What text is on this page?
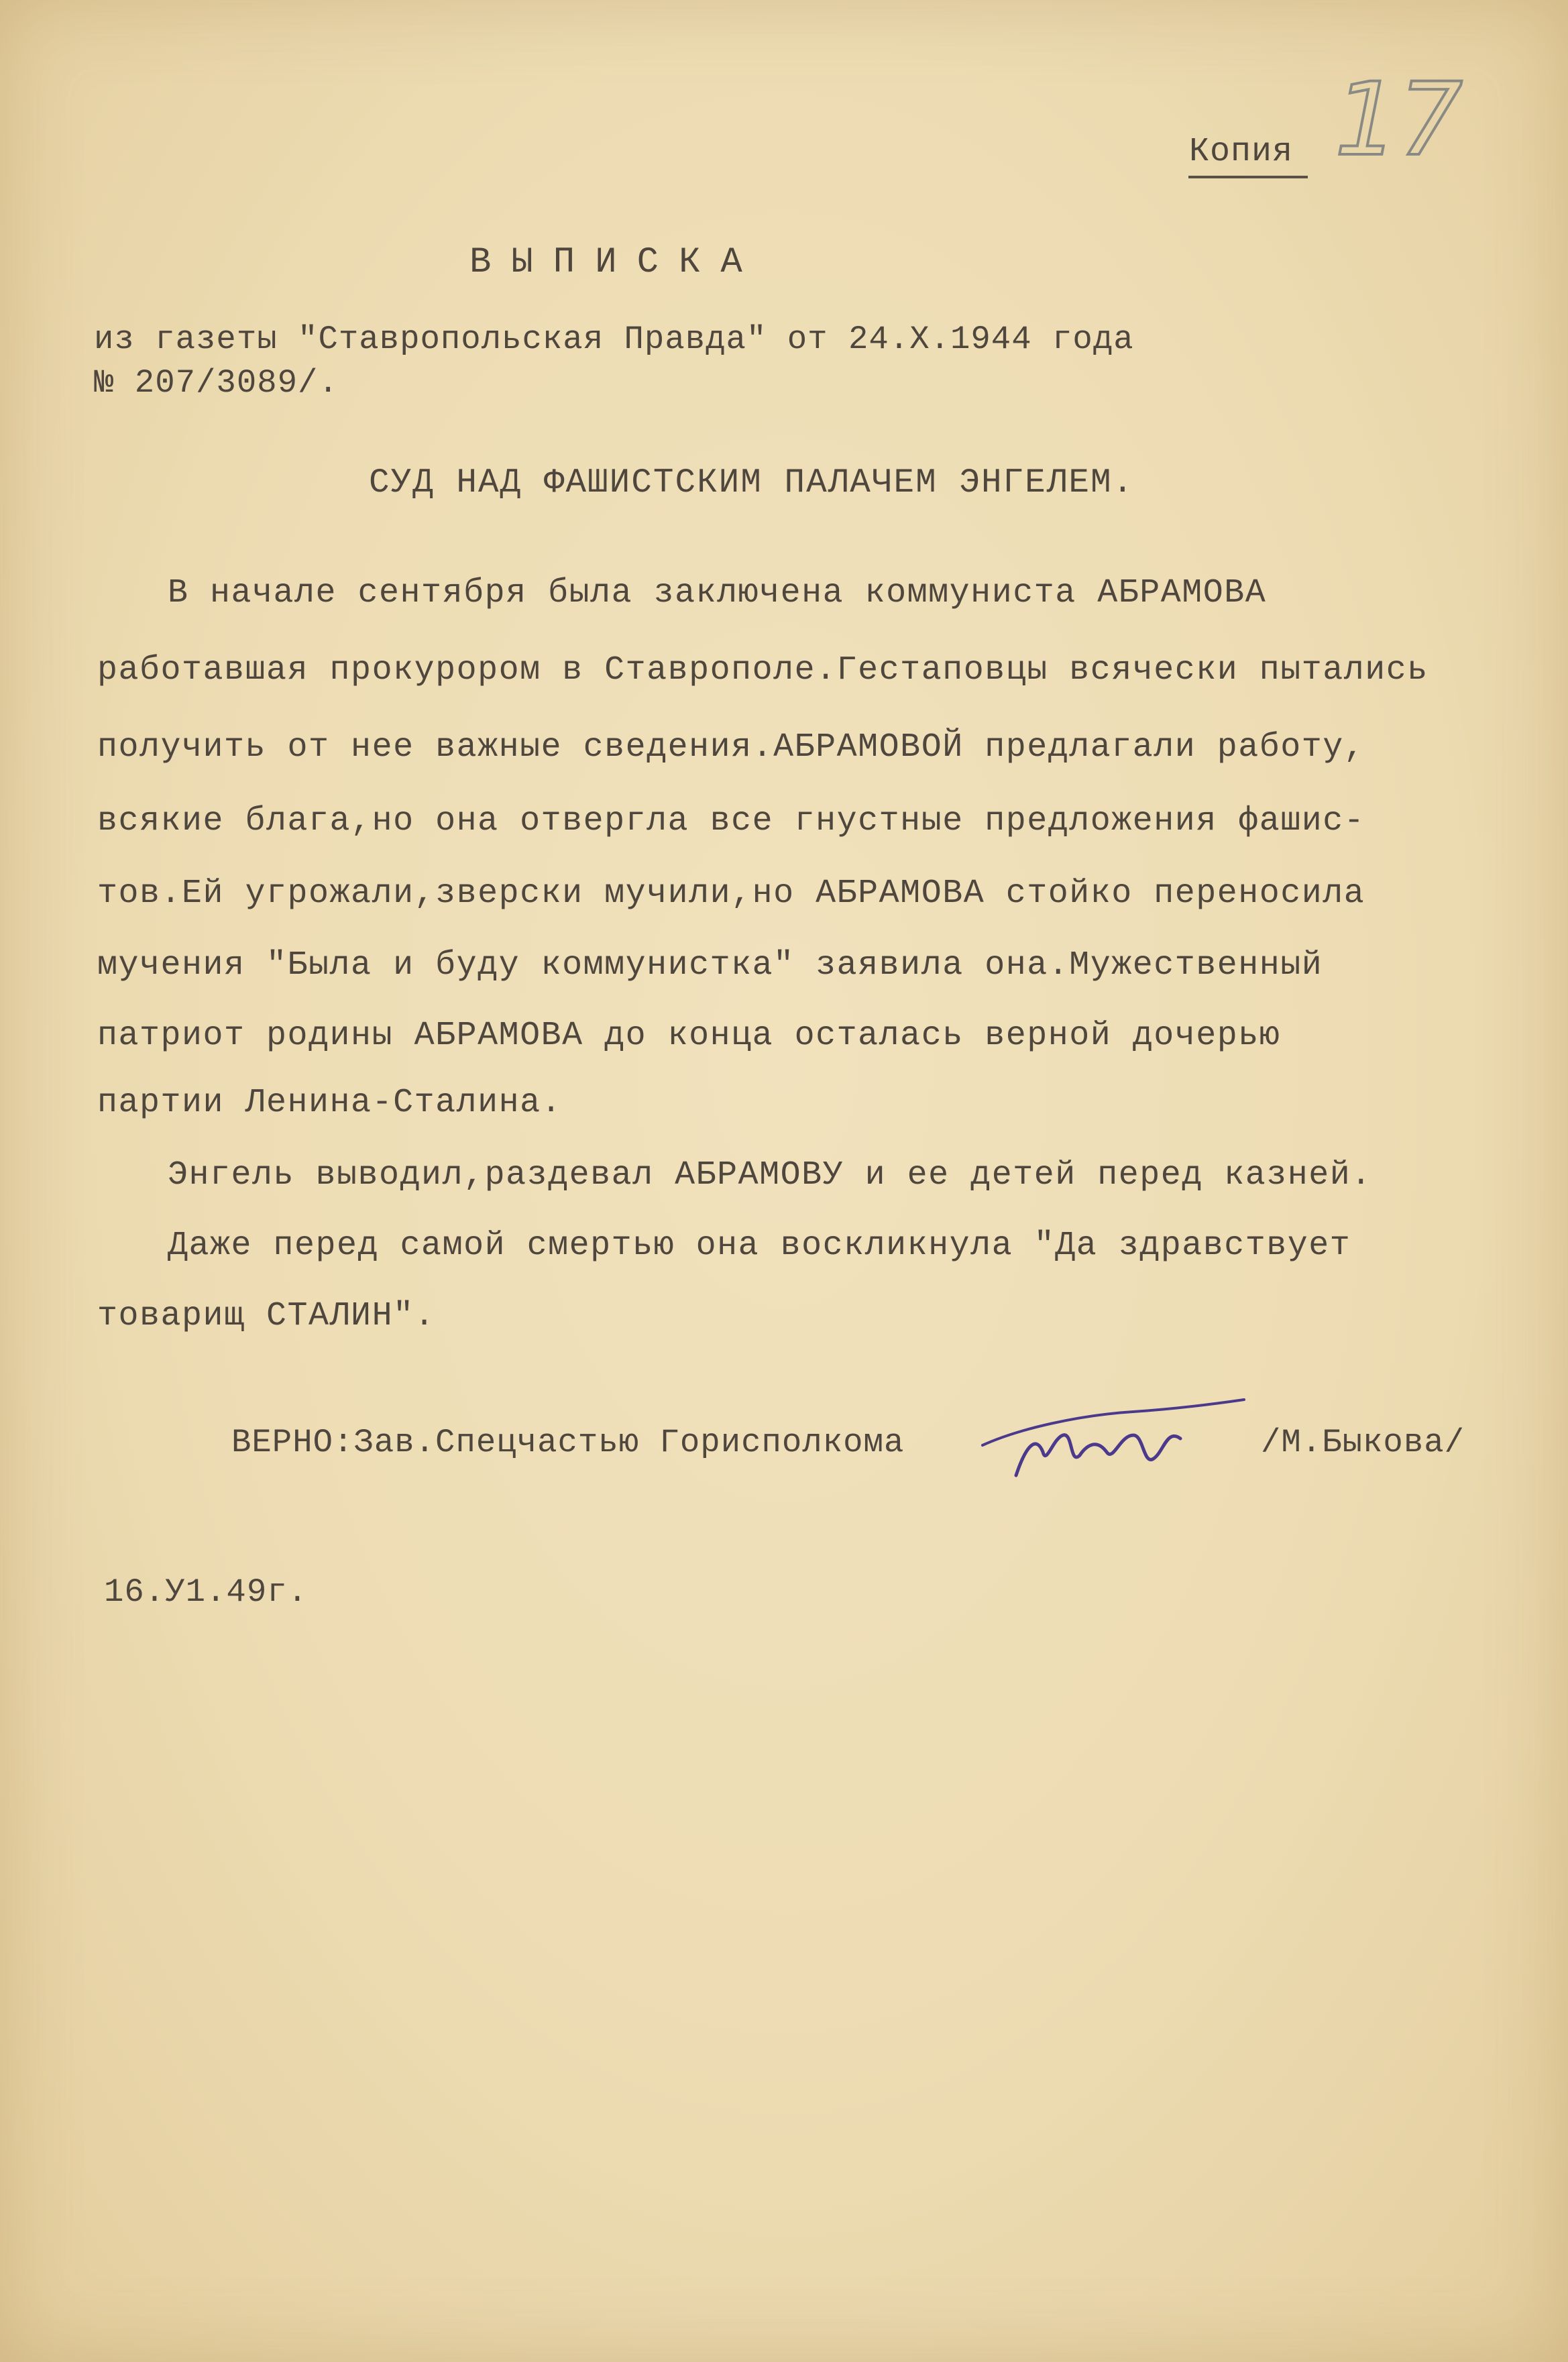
Копия 17
ВЫПИСКА
из газеты "Ставропольская Правда" от 24.Х.1944 года
№ 207/3089/.
СУД НАД ФАШИСТСКИМ ПАЛАЧЕМ ЭНГЕЛЕМ.
В начале сентября была заключена коммуниста АБРАМОВА
работавшая прокурором в Ставрополе.Гестаповцы всячески пытались
получить от нее важные сведения.АБРАМОВОЙ предлагали работу,
всякие блага,но она отвергла все гнустные предложения фашис-
тов.Ей угрожали,зверски мучили,но АБРАМОВА стойко переносила
мучения "Была и буду коммунистка" заявила она.Мужественный
патриот родины АБРАМОВА до конца осталась верной дочерью
партии Ленина-Сталина.
Энгель выводил,раздевал АБРАМОВУ и ее детей перед казней.
Даже перед самой смертью она воскликнула "Да здравствует
товарищ СТАЛИН".
ВЕРНО:Зав.Спецчастью Горисполкома	/М.Быкова/
16.У1.49г.
